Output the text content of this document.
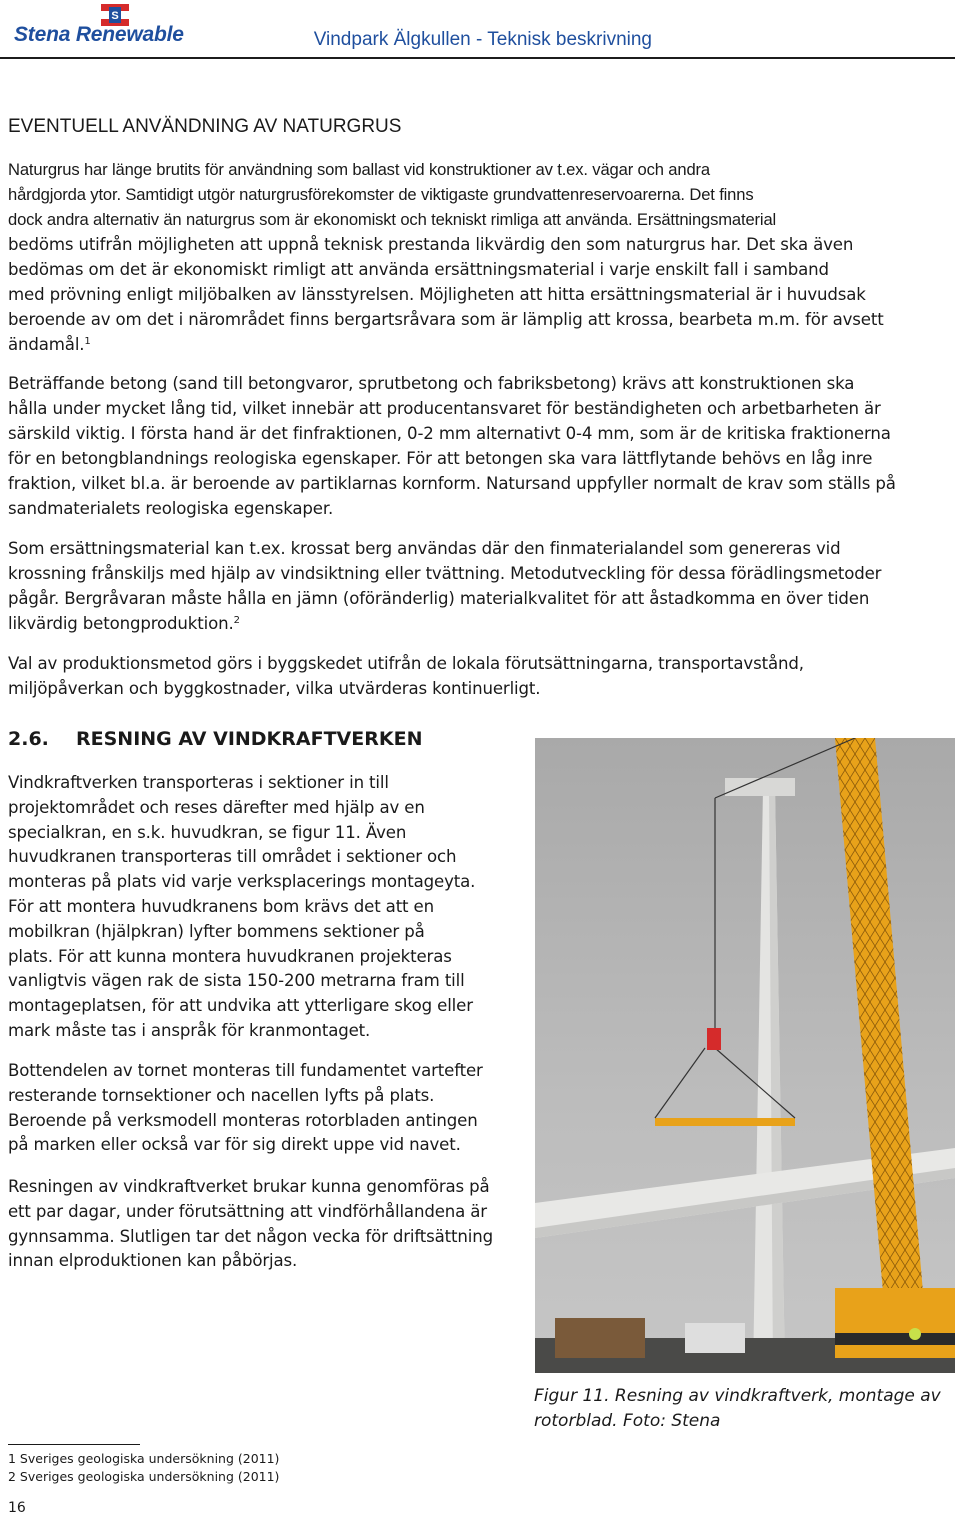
S
Stena Renewable	Vindpark Älgkullen - Teknisk beskrivning
EVENTUELL ANVÄNDNING AV NATURGRUS
Naturgrus har länge brutits för användning som ballast vid konstruktioner av t.ex. vägar och andra
hårdgjorda ytor. Samtidigt utgör naturgrusförekomster de viktigaste grundvattenreservoarerna. Det finns
dock andra alternativ än naturgrus som är ekonomiskt och tekniskt rimliga att använda. Ersättningsmaterial
bedöms utifrån möjligheten att uppnå teknisk prestanda likvärdig den som naturgrus har. Det ska även
bedömas om det är ekonomiskt rimligt att använda ersättningsmaterial i varje enskilt fall i samband
med prövning enligt miljöbalken av länsstyrelsen. Möjligheten att hitta ersättningsmaterial är i huvudsak
beroende av om det i närområdet finns bergartsråvara som är lämplig att krossa, bearbeta m.m. för avsett
ändamål.$^1$
Beträffande betong (sand till betongvaror, sprutbetong och fabriksbetong) krävs att konstruktionen ska
hålla under mycket lång tid, vilket innebär att producentansvaret för beständigheten och arbetbarheten är
särskild viktig. I första hand är det finfraktionen, 0-2 mm alternativt 0-4 mm, som är de kritiska fraktionerna
för en betongblandnings reologiska egenskaper. För att betongen ska vara lättflytande behövs en låg inre
fraktion, vilket bl.a. är beroende av partiklarnas kornform. Natursand uppfyller normalt de krav som ställs på
sandmaterialets reologiska egenskaper.
Som ersättningsmaterial kan t.ex. krossat berg användas där den finmaterialandel som genereras vid
krossning frånskiljs med hjälp av vindsiktning eller tvättning. Metodutveckling för dessa förädlingsmetoder
pågår. Bergråvaran måste hålla en jämn (oföränderlig) materialkvalitet för att åstadkomma en över tiden
likvärdig betongproduktion.$^2$
Val av produktionsmetod görs i byggskedet utifrån de lokala förutsättningarna, transportavstånd,
miljöpåverkan och byggkostnader, vilka utvärderas kontinuerligt.
2.6. RESNING AV VINDKRAFTVERKEN
Vindkraftverken transporteras i sektioner in till
projektområdet och reses därefter med hjälp av en
specialkran, en s.k. huvudkran, se figur 11. Även
huvudkranen transporteras till området i sektioner och
monteras på plats vid varje verksplacerings montageyta.
För att montera huvudkranens bom krävs det att en
mobilkran (hjälpkran) lyfter bommens sektioner på
plats. För att kunna montera huvudkranen projekteras
vanligtvis vägen rak de sista 150-200 metrarna fram till
montageplatsen, för att undvika att ytterligare skog eller
mark måste tas i anspråk för kranmontaget.
Bottendelen av tornet monteras till fundamentet vartefter
resterande tornsektioner och nacellen lyfts på plats.
Beroende på verksmodell monteras rotorbladen antingen
på marken eller också var för sig direkt uppe vid navet.
Resningen av vindkraftverket brukar kunna genomföras på
ett par dagar, under förutsättning att vindförhållandena är
gynnsamma. Slutligen tar det någon vecka för driftsättning
innan elproduktionen kan påbörjas.
Figur 11. Resning av vindkraftverk, montage av
rotorblad. Foto: Stena
1 Sveriges geologiska undersökning (2011)
2 Sveriges geologiska undersökning (2011)
16
